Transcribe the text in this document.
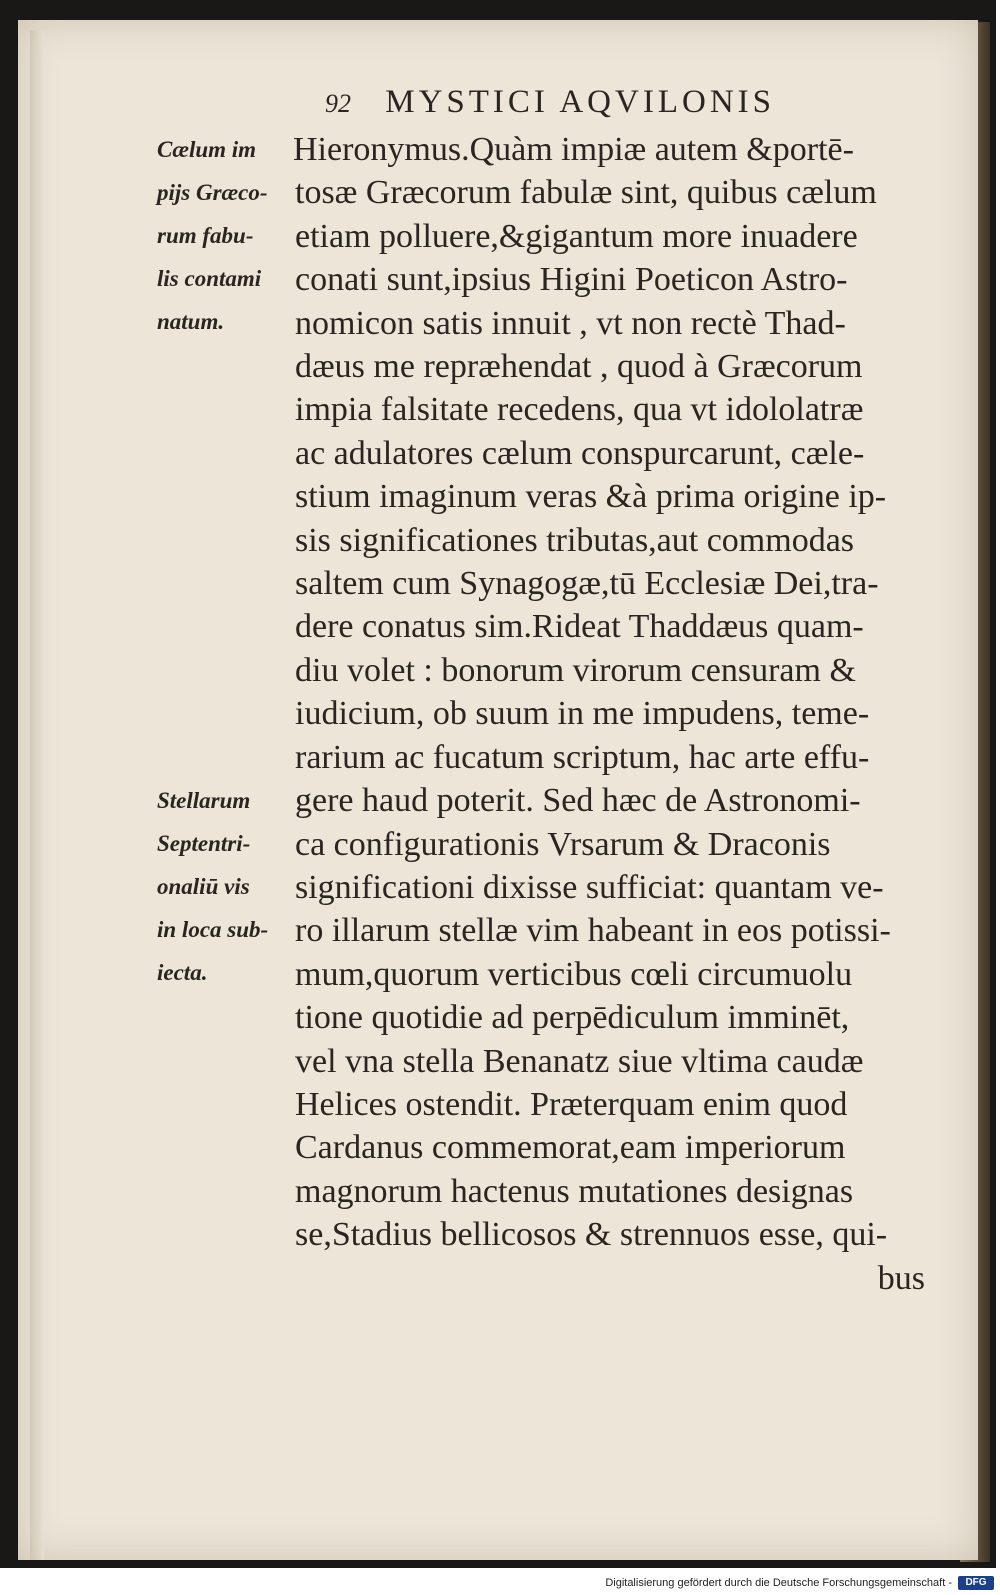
92 MYSTICI AQVILONIS
Cælum im
pijs Græco-
rum fabu-
lis contami
natum.
Stellarum
Septentri-
onaliū vis
in loca sub-
iecta.
Hieronymus.Quàm impiæ autem &portē-
tosæ Græcorum fabulæ sint, quibus cælum
etiam polluere,&gigantum more inuadere
conati sunt,ipsius Higini Poeticon Astro-
nomicon satis innuit , vt non rectè Thad-
dæus me repræhendat , quod à Græcorum
impia falsitate recedens, qua vt idololatræ
ac adulatores cælum conspurcarunt, cæle-
stium imaginum veras &à prima origine ip-
sis significationes tributas,aut commodas
saltem cum Synagogæ,tū Ecclesiæ Dei,tra-
dere conatus sim.Rideat Thaddæus quam-
diu volet : bonorum virorum censuram &
iudicium, ob suum in me impudens, teme-
rarium ac fucatum scriptum, hac arte effu-
gere haud poterit. Sed hæc de Astronomi-
ca configurationis Vrsarum & Draconis
significationi dixisse sufficiat: quantam ve-
ro illarum stellæ vim habeant in eos potissi-
mum,quorum verticibus cœli circumuolu
tione quotidie ad perpēdiculum imminēt,
vel vna stella Benanatz siue vltima caudæ
Helices ostendit. Præterquam enim quod
Cardanus commemorat,eam imperiorum
magnorum hactenus mutationes designas
se,Stadius bellicosos & strennuos esse, qui-
bus
Digitalisierung gefördert durch die Deutsche Forschungsgemeinschaft -	DFG
